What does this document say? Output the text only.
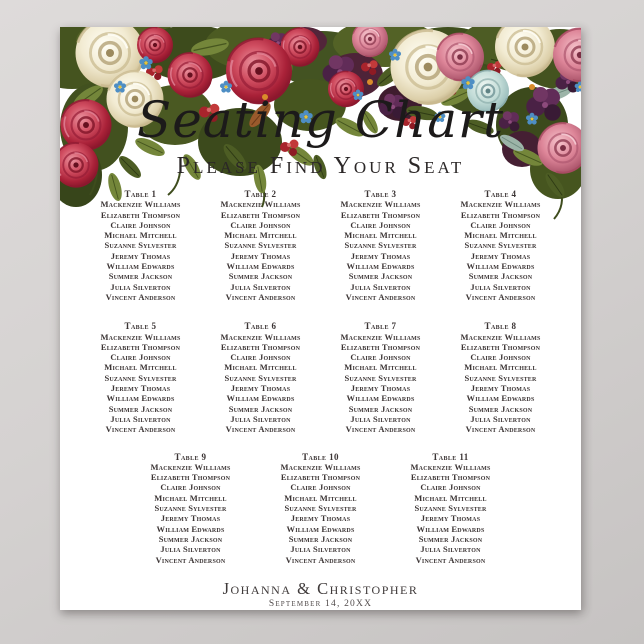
Seating Chart
Please Find Your Seat
Table 1
Mackenzie Williams
Elizabeth Thompson
Claire Johnson
Michael Mitchell
Suzanne Sylvester
Jeremy Thomas
William Edwards
Summer Jackson
Julia Silverton
Vincent Anderson
Table 2
Mackenzie Williams
Elizabeth Thompson
Claire Johnson
Michael Mitchell
Suzanne Sylvester
Jeremy Thomas
William Edwards
Summer Jackson
Julia Silverton
Vincent Anderson
Table 3
Mackenzie Williams
Elizabeth Thompson
Claire Johnson
Michael Mitchell
Suzanne Sylvester
Jeremy Thomas
William Edwards
Summer Jackson
Julia Silverton
Vincent Anderson
Table 4
Mackenzie Williams
Elizabeth Thompson
Claire Johnson
Michael Mitchell
Suzanne Sylvester
Jeremy Thomas
William Edwards
Summer Jackson
Julia Silverton
Vincent Anderson
Table 5
Mackenzie Williams
Elizabeth Thompson
Claire Johnson
Michael Mitchell
Suzanne Sylvester
Jeremy Thomas
William Edwards
Summer Jackson
Julia Silverton
Vincent Anderson
Table 6
Mackenzie Williams
Elizabeth Thompson
Claire Johnson
Michael Mitchell
Suzanne Sylvester
Jeremy Thomas
William Edwards
Summer Jackson
Julia Silverton
Vincent Anderson
Table 7
Mackenzie Williams
Elizabeth Thompson
Claire Johnson
Michael Mitchell
Suzanne Sylvester
Jeremy Thomas
William Edwards
Summer Jackson
Julia Silverton
Vincent Anderson
Table 8
Mackenzie Williams
Elizabeth Thompson
Claire Johnson
Michael Mitchell
Suzanne Sylvester
Jeremy Thomas
William Edwards
Summer Jackson
Julia Silverton
Vincent Anderson
Table 9
Mackenzie Williams
Elizabeth Thompson
Claire Johnson
Michael Mitchell
Suzanne Sylvester
Jeremy Thomas
William Edwards
Summer Jackson
Julia Silverton
Vincent Anderson
Table 10
Mackenzie Williams
Elizabeth Thompson
Claire Johnson
Michael Mitchell
Suzanne Sylvester
Jeremy Thomas
William Edwards
Summer Jackson
Julia Silverton
Vincent Anderson
Table 11
Mackenzie Williams
Elizabeth Thompson
Claire Johnson
Michael Mitchell
Suzanne Sylvester
Jeremy Thomas
William Edwards
Summer Jackson
Julia Silverton
Vincent Anderson
Johanna & Christopher
September 14, 20XX
